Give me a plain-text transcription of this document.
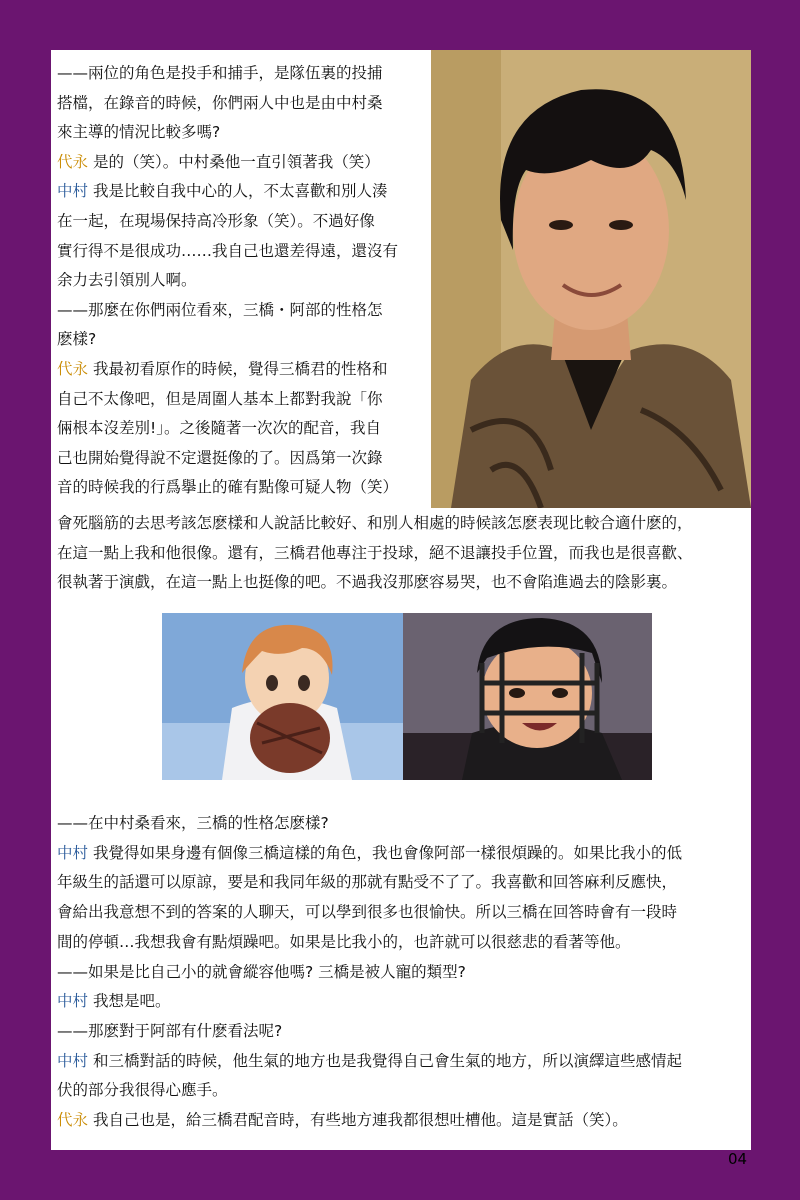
——兩位的角色是投手和捕手，是隊伍裏的投捕
搭檔，在錄音的時候，你們兩人中也是由中村桑
來主導的情況比較多嗎?
代永 是的（笑）。中村桑他一直引領著我（笑）
中村 我是比較自我中心的人，不太喜歡和別人湊
在一起，在現場保持高冷形象（笑）。不過好像
實行得不是很成功……我自己也還差得遠，還沒有
余力去引領別人啊。
——那麼在你們兩位看來，三橋・阿部的性格怎
麽樣?
代永 我最初看原作的時候，覺得三橋君的性格和
自己不太像吧，但是周圍人基本上都對我說「你
倆根本沒差別!」。之後隨著一次次的配音，我自
己也開始覺得說不定還挺像的了。因爲第一次錄
音的時候我的行爲擧止的確有點像可疑人物（笑）
會死腦筋的去思考該怎麽樣和人說話比較好、和別人相處的時候該怎麽表现比較合適什麽的，
在這一點上我和他很像。還有，三橋君他專注于投球，絕不退讓投手位置，而我也是很喜歡、
很執著于演戲，在這一點上也挺像的吧。不過我沒那麽容易哭，也不會陷進過去的陰影裏。
——在中村桑看來，三橋的性格怎麽樣?
中村 我覺得如果身邊有個像三橋這樣的角色，我也會像阿部一樣很煩躁的。如果比我小的低
年級生的話還可以原諒，要是和我同年級的那就有點受不了了。我喜歡和回答麻利反應快，
會給出我意想不到的答案的人聊天，可以學到很多也很愉快。所以三橋在回答時會有一段時
間的停頓…我想我會有點煩躁吧。如果是比我小的，也許就可以很慈悲的看著等他。
——如果是比自己小的就會縱容他嗎? 三橋是被人寵的類型?
中村 我想是吧。
——那麽對于阿部有什麽看法呢?
中村 和三橋對話的時候，他生氣的地方也是我覺得自己會生氣的地方，所以演繹這些感情起
伏的部分我很得心應手。
代永 我自己也是，給三橋君配音時，有些地方連我都很想吐槽他。這是實話（笑）。
04
